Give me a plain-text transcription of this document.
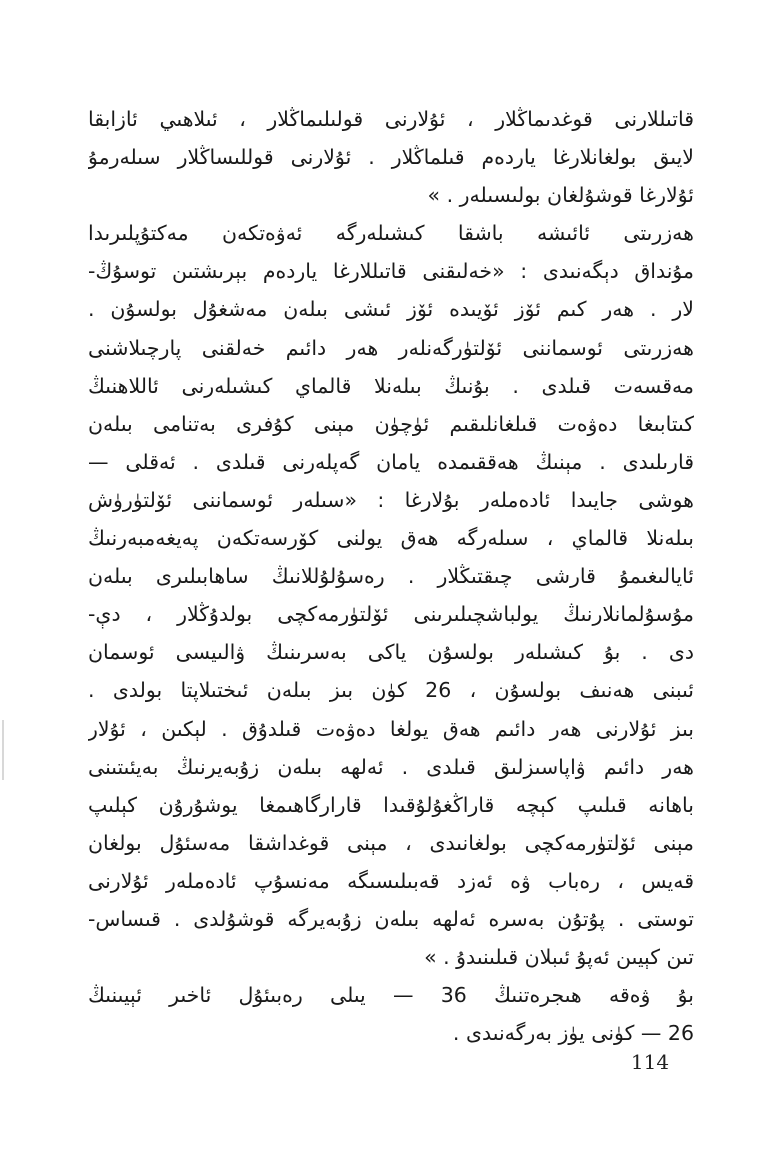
قاتىللارنى قوغدىماڭلار ، ئۇلارنى قولىلىماڭلار ، ئىلاھىي ئازابقا
لايىق بولغانلارغا ياردەم قىلماڭلار . ئۇلارنى قوللىساڭلار سىلەرمۇ
ئۇلارغا قوشۇلغان بولىسىلەر . »
ھەزرىتى ئائىشە باشقا كىشىلەرگە ئەۋەتكەن مەكتۇپلىرىدا
مۇنداق دېگەنىدى : «خەلىقنى قاتىللارغا ياردەم بېرىشتىن توسۇڭ-
لار . ھەر كىم ئۆز ئۆيىدە ئۆز ئىشى بىلەن مەشغۇل بولسۇن .
ھەزرىتى ئوسماننى ئۆلتۈرگەنلەر ھەر دائىم خەلقنى پارچىلاشنى
مەقسەت قىلدى . بۇنىڭ بىلەنلا قالماي كىشىلەرنى ئاللاھنىڭ
كىتابىغا دەۋەت قىلغانلىقىم ئۈچۈن مېنى كۇفرى بەتنامى بىلەن
قارىلىدى . مېنىڭ ھەققىمدە يامان گەپلەرنى قىلدى . ئەقلى —
ھوشى جايىدا ئادەملەر بۇلارغا : «سىلەر ئوسماننى ئۆلتۈرۈش
بىلەنلا قالماي ، سىلەرگە ھەق يولنى كۆرسەتكەن پەيغەمبەرنىڭ
ئايالىغىمۇ قارشى چىقتىڭلار . رەسۇلۇللانىڭ ساھابىلىرى بىلەن
مۇسۇلمانلارنىڭ يولباشچىلىرىنى ئۆلتۈرمەكچى بولدۇڭلار ، دې-
دى . بۇ كىشىلەر بولسۇن ياكى بەسرىنىڭ ۋالىيسى ئوسمان
ئىبنى ھەنىف بولسۇن ، 26 كۈن بىز بىلەن ئىختىلاپتا بولدى .
بىز ئۇلارنى ھەر دائىم ھەق يولغا دەۋەت قىلدۇق . لېكىن ، ئۇلار
ھەر دائىم ۋاپاسىزلىق قىلدى . ئەلھە بىلەن زۇبەيرنىڭ بەيئىتىنى
باھانە قىلىپ كېچە قاراڭغۇلۇقىدا قارارگاھىمغا يوشۇرۇن كېلىپ
مېنى ئۆلتۈرمەكچى بولغانىدى ، مېنى قوغداشقا مەسئۇل بولغان
قەيس ، رەباب ۋە ئەزد قەبىلىسىگە مەنسۇپ ئادەملەر ئۇلارنى
توستى . پۇتۇن بەسرە ئەلھە بىلەن زۇبەيرگە قوشۇلدى . قىساس-
تىن كېيىن ئەپۇ ئىبلان قىلىنىدۇ . »
بۇ ۋەقە ھىجرەتنىڭ 36 — يىلى رەبىئۇل ئاخىر ئېيىنىڭ
26 — كۈنى يۈز بەرگەنىدى .
114
